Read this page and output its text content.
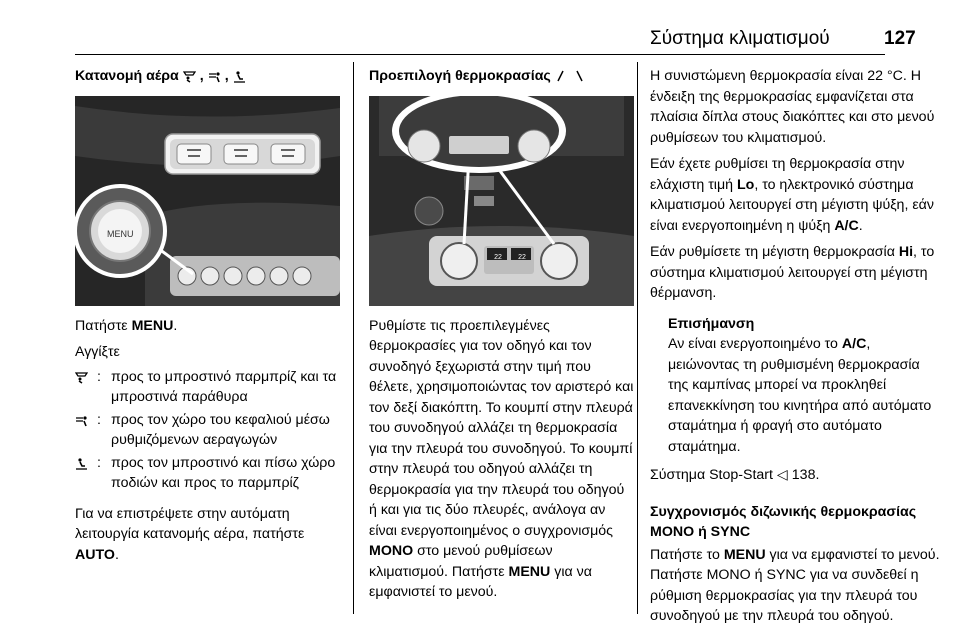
Σύστημα κλιματισμού	127
Κατανομή αέρα , ,
MENU

Πατήστε MENU.

Αγγίξτε

: προς το μπροστινό παρμπρίζ και τα μπροστινά παράθυρα
: προς τον χώρο του κεφαλιού μέσω ρυθμιζόμενων αεραγωγών
: προς τον μπροστινό και πίσω χώρο ποδιών και προς το παρμπρίζ

Για να επιστρέψετε στην αυτόματη λειτουργία κατανομής αέρα, πατήστε AUTO.

Προεπιλογή θερμοκρασίας
22	22

Ρυθμίστε τις προεπιλεγμένες θερμοκρασίες για τον οδηγό και τον συνοδηγό ξεχωριστά στην τιμή που θέλετε, χρησιμοποιώντας τον αριστερό και τον δεξί διακόπτη. Το κουμπί στην πλευρά του συνοδηγού αλλάζει τη θερμοκρασία για την πλευρά του συνοδηγού. Το κουμπί στην πλευρά του οδηγού αλλάζει τη θερμοκρασία για την πλευρά του οδηγού ή και για τις δύο πλευρές, ανάλογα αν είναι ενεργοποιημένος ο συγχρονισμός MONO στο μενού ρυθμίσεων κλιματισμού. Πατήστε MENU για να εμφανιστεί το μενού.

Η συνιστώμενη θερμοκρασία είναι 22 °C. Η ένδειξη της θερμοκρασίας εμφανίζεται στα πλαίσια δίπλα στους διακόπτες και στο μενού ρυθμίσεων του κλιματισμού.

Εάν έχετε ρυθμίσει τη θερμοκρασία στην ελάχιστη τιμή Lo, το ηλεκτρονικό σύστημα κλιματισμού λειτουργεί στη μέγιστη ψύξη, εάν είναι ενεργοποιημένη η ψύξη A/C.

Εάν ρυθμίσετε τη μέγιστη θερμοκρασία Hi, το σύστημα κλιματισμού λειτουργεί στη μέγιστη θέρμανση.

Επισήμανση
Αν είναι ενεργοποιημένο το A/C, μειώνοντας τη ρυθμισμένη θερμοκρασία της καμπίνας μπορεί να προκληθεί επανεκκίνηση του κινητήρα από αυτόματο σταμάτημα ή φραγή στο αυτόματο σταμάτημα.

Σύστημα Stop-Start ◁ 138.

Συγχρονισμός διζωνικής θερμοκρασίας MONO ή SYNC

Πατήστε το MENU για να εμφανιστεί το μενού. Πατήστε MONO ή SYNC για να συνδεθεί η ρύθμιση θερμοκρασίας για την πλευρά του συνοδηγού με την πλευρά του οδηγού.
